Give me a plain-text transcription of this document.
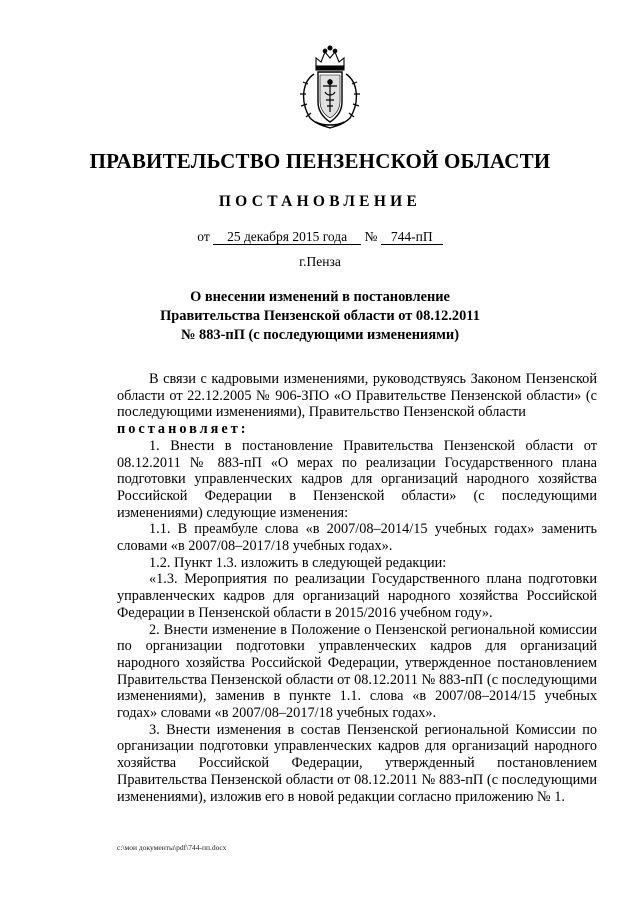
ПРАВИТЕЛЬСТВО ПЕНЗЕНСКОЙ ОБЛАСТИ
ПОСТАНОВЛЕНИЕ
от 25 декабря 2015 года № 744-пП
г.Пенза
О внесении изменений в постановление
Правительства Пензенской области от 08.12.2011
№ 883-пП (с последующими изменениями)

В связи с кадровыми изменениями, руководствуясь Законом Пензенской области от 22.12.2005 № 906-ЗПО «О Правительстве Пензенской области» (с последующими изменениями), Правительство Пензенской области

постановляет:

1. Внести в постановление Правительства Пензенской области от 08.12.2011 № 883-пП «О мерах по реализации Государственного плана подготовки управленческих кадров для организаций народного хозяйства Российской Федерации в Пензенской области» (с последующими изменениями) следующие изменения:

1.1. В преамбуле слова «в 2007/08–2014/15 учебных годах» заменить словами «в 2007/08–2017/18 учебных годах».

1.2. Пункт 1.3. изложить в следующей редакции:

«1.3. Мероприятия по реализации Государственного плана подготовки управленческих кадров для организаций народного хозяйства Российской Федерации в Пензенской области в 2015/2016 учебном году».

2. Внести изменение в Положение о Пензенской региональной комиссии по организации подготовки управленческих кадров для организаций народного хозяйства Российской Федерации, утвержденное постановлением Правительства Пензенской области от 08.12.2011 № 883-пП (с последующими изменениями), заменив в пункте 1.1. слова «в 2007/08–2014/15 учебных годах» словами «в 2007/08–2017/18 учебных годах».

3. Внести изменения в состав Пензенской региональной Комиссии по организации подготовки управленческих кадров для организаций народного хозяйства Российской Федерации, утвержденный постановлением Правительства Пензенской области от 08.12.2011 № 883-пП (с последующими изменениями), изложив его в новой редакции согласно приложению № 1.

c:\мои документы\pdf\744-пп.docx
